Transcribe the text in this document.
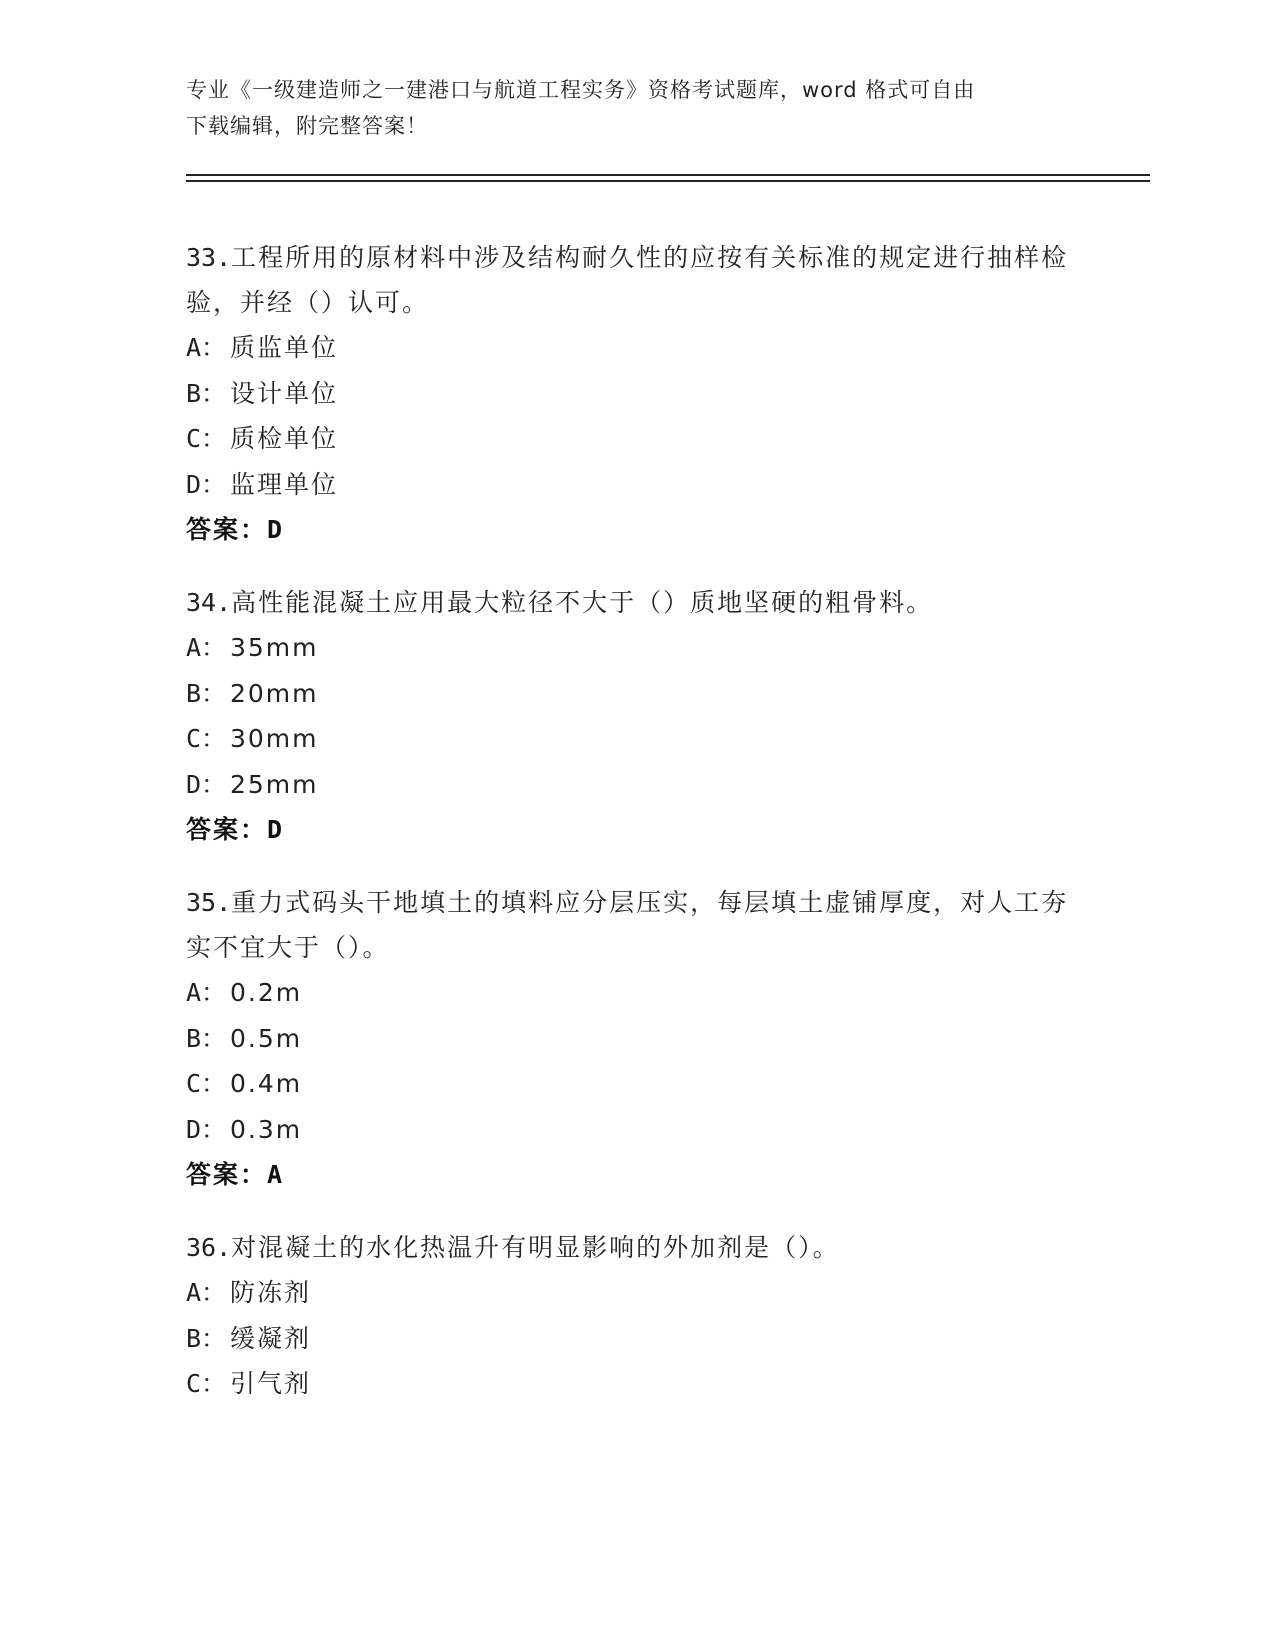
专业《一级建造师之一建港口与航道工程实务》资格考试题库，word 格式可自由
下载编辑，附完整答案！
33.工程所用的原材料中涉及结构耐久性的应按有关标准的规定进行抽样检验，并经（）认可。
A： 质监单位
B： 设计单位
C： 质检单位
D： 监理单位
答案：D
34.高性能混凝土应用最大粒径不大于（）质地坚硬的粗骨料。
A： 35mm
B： 20mm
C： 30mm
D： 25mm
答案：D
35.重力式码头干地填土的填料应分层压实，每层填土虚铺厚度，对人工夯实不宜大于（）。
A： 0.2m
B： 0.5m
C： 0.4m
D： 0.3m
答案：A
36.对混凝土的水化热温升有明显影响的外加剂是（）。
A： 防冻剂
B： 缓凝剂
C： 引气剂
